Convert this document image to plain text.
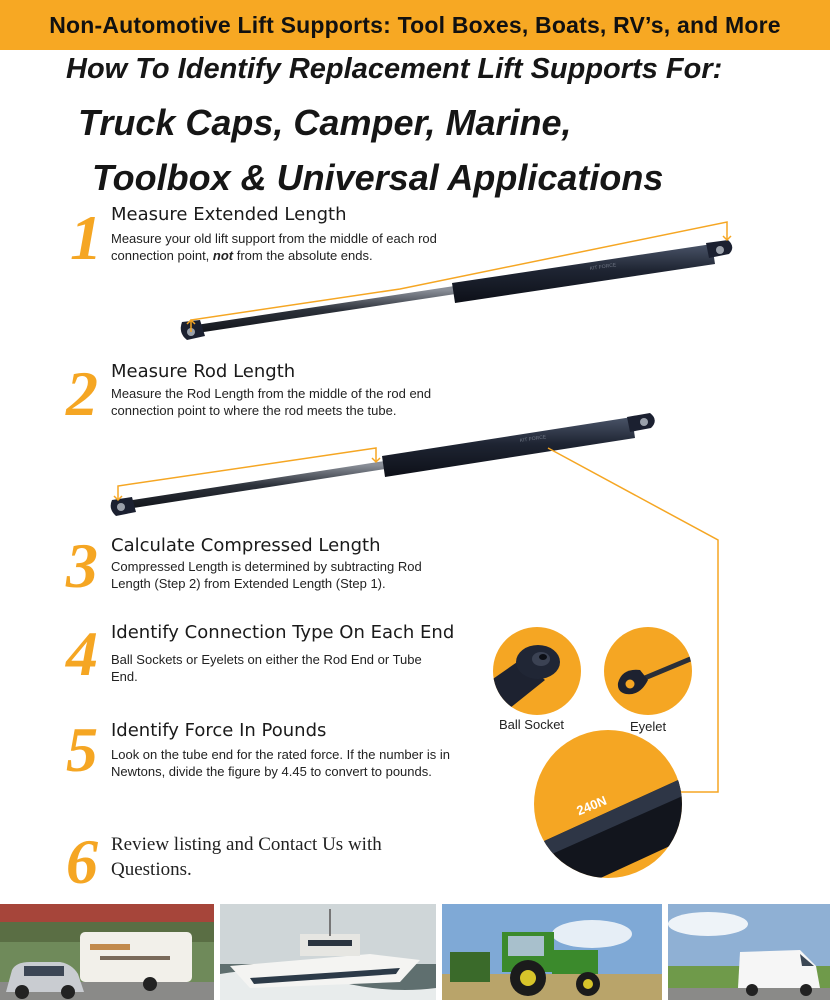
Non-Automotive Lift Supports: Tool Boxes, Boats, RV’s, and More
How To Identify Replacement Lift Supports For:
Truck Caps, Camper, Marine,
Toolbox & Universal Applications
KIT FORCE
KIT FORCE
240N
1 Measure Extended Length
Measure your old lift support from the middle of each rod connection point, not from the absolute ends.
2 Measure Rod Length
Measure the Rod Length from the middle of the rod end connection point to where the rod meets the tube.
3 Calculate Compressed Length
Compressed Length is determined by subtracting Rod Length (Step 2) from Extended Length (Step 1).
4 Identify Connection Type On Each End
Ball Sockets or Eyelets on either the Rod End or Tube End.
Ball Socket	Eyelet
5 Identify Force In Pounds
Look on the tube end for the rated force. If the number is in Newtons, divide the figure by 4.45 to convert to pounds.
6 Review listing and Contact Us with Questions.
